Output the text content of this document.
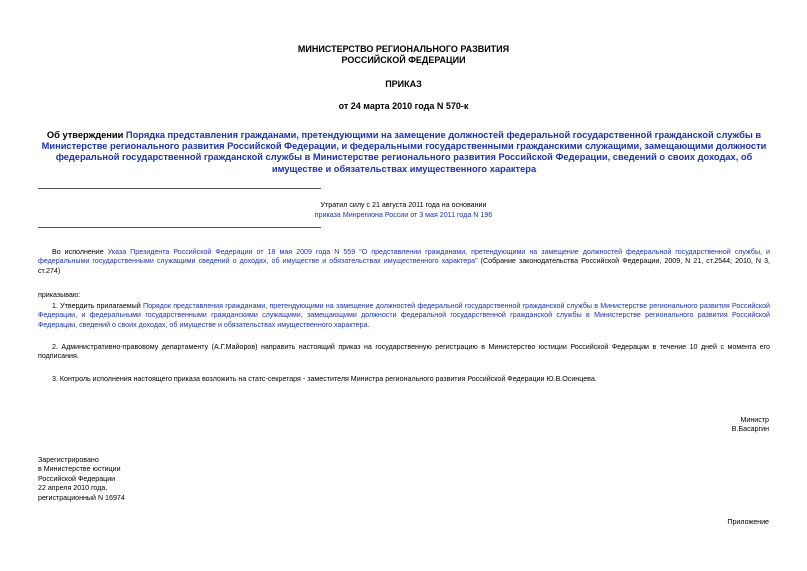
МИНИСТЕРСТВО РЕГИОНАЛЬНОГО РАЗВИТИЯ
РОССИЙСКОЙ ФЕДЕРАЦИИ
ПРИКАЗ
от 24 марта 2010 года N 570-к
Об утверждении Порядка представления гражданами, претендующими на замещение должностей федеральной государственной гражданской службы в Министерстве регионального развития Российской Федерации, и федеральными государственными гражданскими служащими, замещающими должности федеральной государственной гражданской службы в Министерстве регионального развития Российской Федерации, сведений о своих доходах, об имуществе и обязательствах имущественного характера
Утратил силу с 21 августа 2011 года на основании
приказа Минрегиона России от 3 мая 2011 года N 196
Во исполнение Указа Президента Российской Федерации от 18 мая 2009 года N 559 "О представлении гражданами, претендующими на замещение должностей федеральной государственной службы, и федеральными государственными служащими сведений о доходах, об имуществе и обязательствах имущественного характера" (Собрание законодательства Российской Федерации, 2009, N 21, ст.2544; 2010, N 3, ст.274)
приказываю:
1. Утвердить прилагаемый Порядок представления гражданами, претендующими на замещение должностей федеральной государственной гражданской службы в Министерстве регионального развития Российской Федерации, и федеральными государственными гражданскими служащими, замещающими должности федеральной государственной гражданской службы в Министерстве регионального развития Российской Федерации, сведений о своих доходах, об имуществе и обязательствах имущественного характера.
2. Административно-правовому департаменту (А.Г.Майоров) направить настоящий приказ на государственную регистрацию в Министерство юстиции Российской Федерации в течение 10 дней с момента его подписания.
3. Контроль исполнения настоящего приказа возложить на статс-секретаря - заместителя Министра регионального развития Российской Федерации Ю.В.Осинцева.
Министр
В.Басаргин
Зарегистрировано
в Министерстве юстиции
Российской Федерации
22 апреля 2010 года,
регистрационный N 16974
Приложение
